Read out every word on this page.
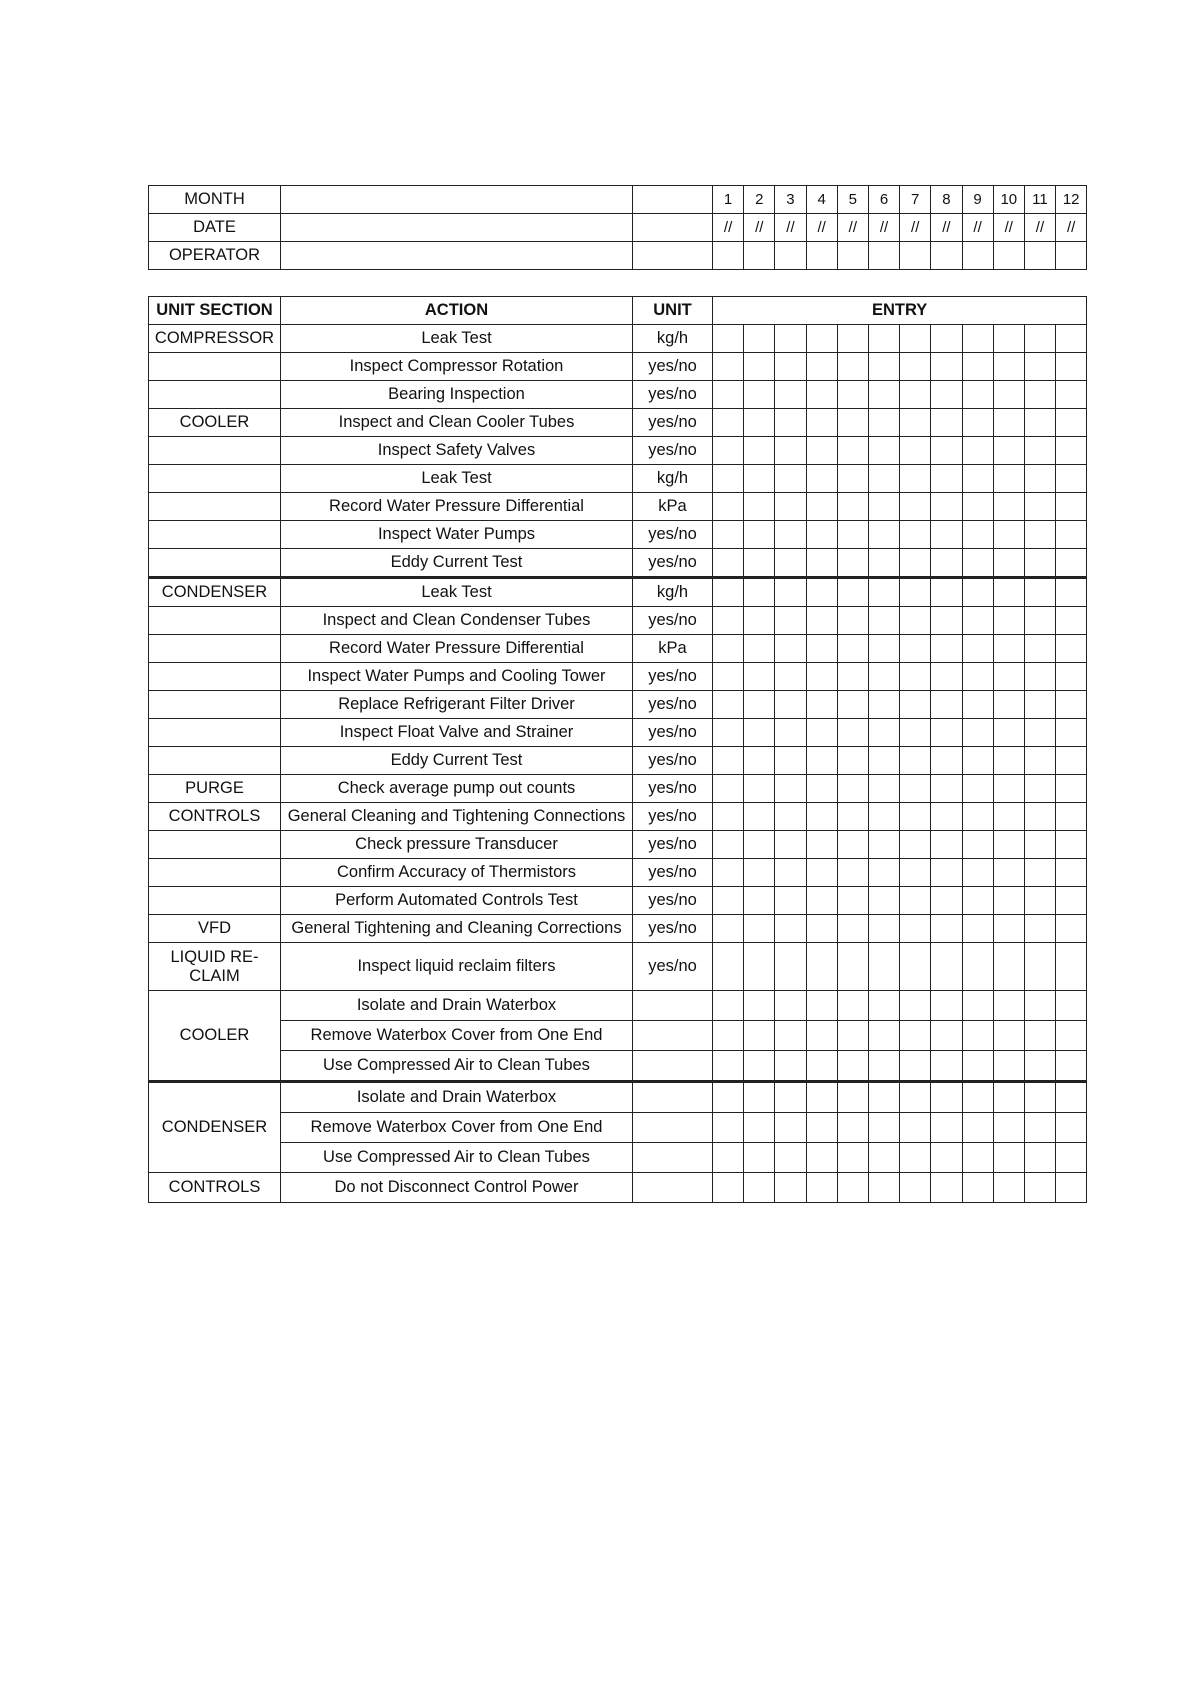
MONTH			1	2	3	4	5	6	7	8	9	10	11	12
DATE			//	//	//	//	//	//	//	//	//	//	//	//
OPERATOR														
UNIT SECTION	ACTION	UNIT	ENTRY											
COMPRESSOR	Leak Test	kg/h												
	Inspect Compressor Rotation	yes/no												
	Bearing Inspection	yes/no												
COOLER	Inspect and Clean Cooler Tubes	yes/no												
	Inspect Safety Valves	yes/no												
	Leak Test	kg/h												
	Record Water Pressure Differential	kPa												
	Inspect Water Pumps	yes/no												
	Eddy Current Test	yes/no												
CONDENSER	Leak Test	kg/h												
	Inspect and Clean Condenser Tubes	yes/no												
	Record Water Pressure Differential	kPa												
	Inspect Water Pumps and Cooling Tower	yes/no												
	Replace Refrigerant Filter Driver	yes/no												
	Inspect Float Valve and Strainer	yes/no												
	Eddy Current Test	yes/no												
PURGE	Check average pump out counts	yes/no												
CONTROLS	General Cleaning and Tightening Connections	yes/no												
	Check pressure Transducer	yes/no												
	Confirm Accuracy of Thermistors	yes/no												
	Perform Automated Controls Test	yes/no												
VFD	General Tightening and Cleaning Corrections	yes/no												
LIQUID RE-CLAIM	Inspect liquid reclaim filters	yes/no												
COOLER	Isolate and Drain Waterbox													
	Remove Waterbox Cover from One End													
	Use Compressed Air to Clean Tubes													
CONDENSER	Isolate and Drain Waterbox													
	Remove Waterbox Cover from One End													
	Use Compressed Air to Clean Tubes													
CONTROLS	Do not Disconnect Control Power													
